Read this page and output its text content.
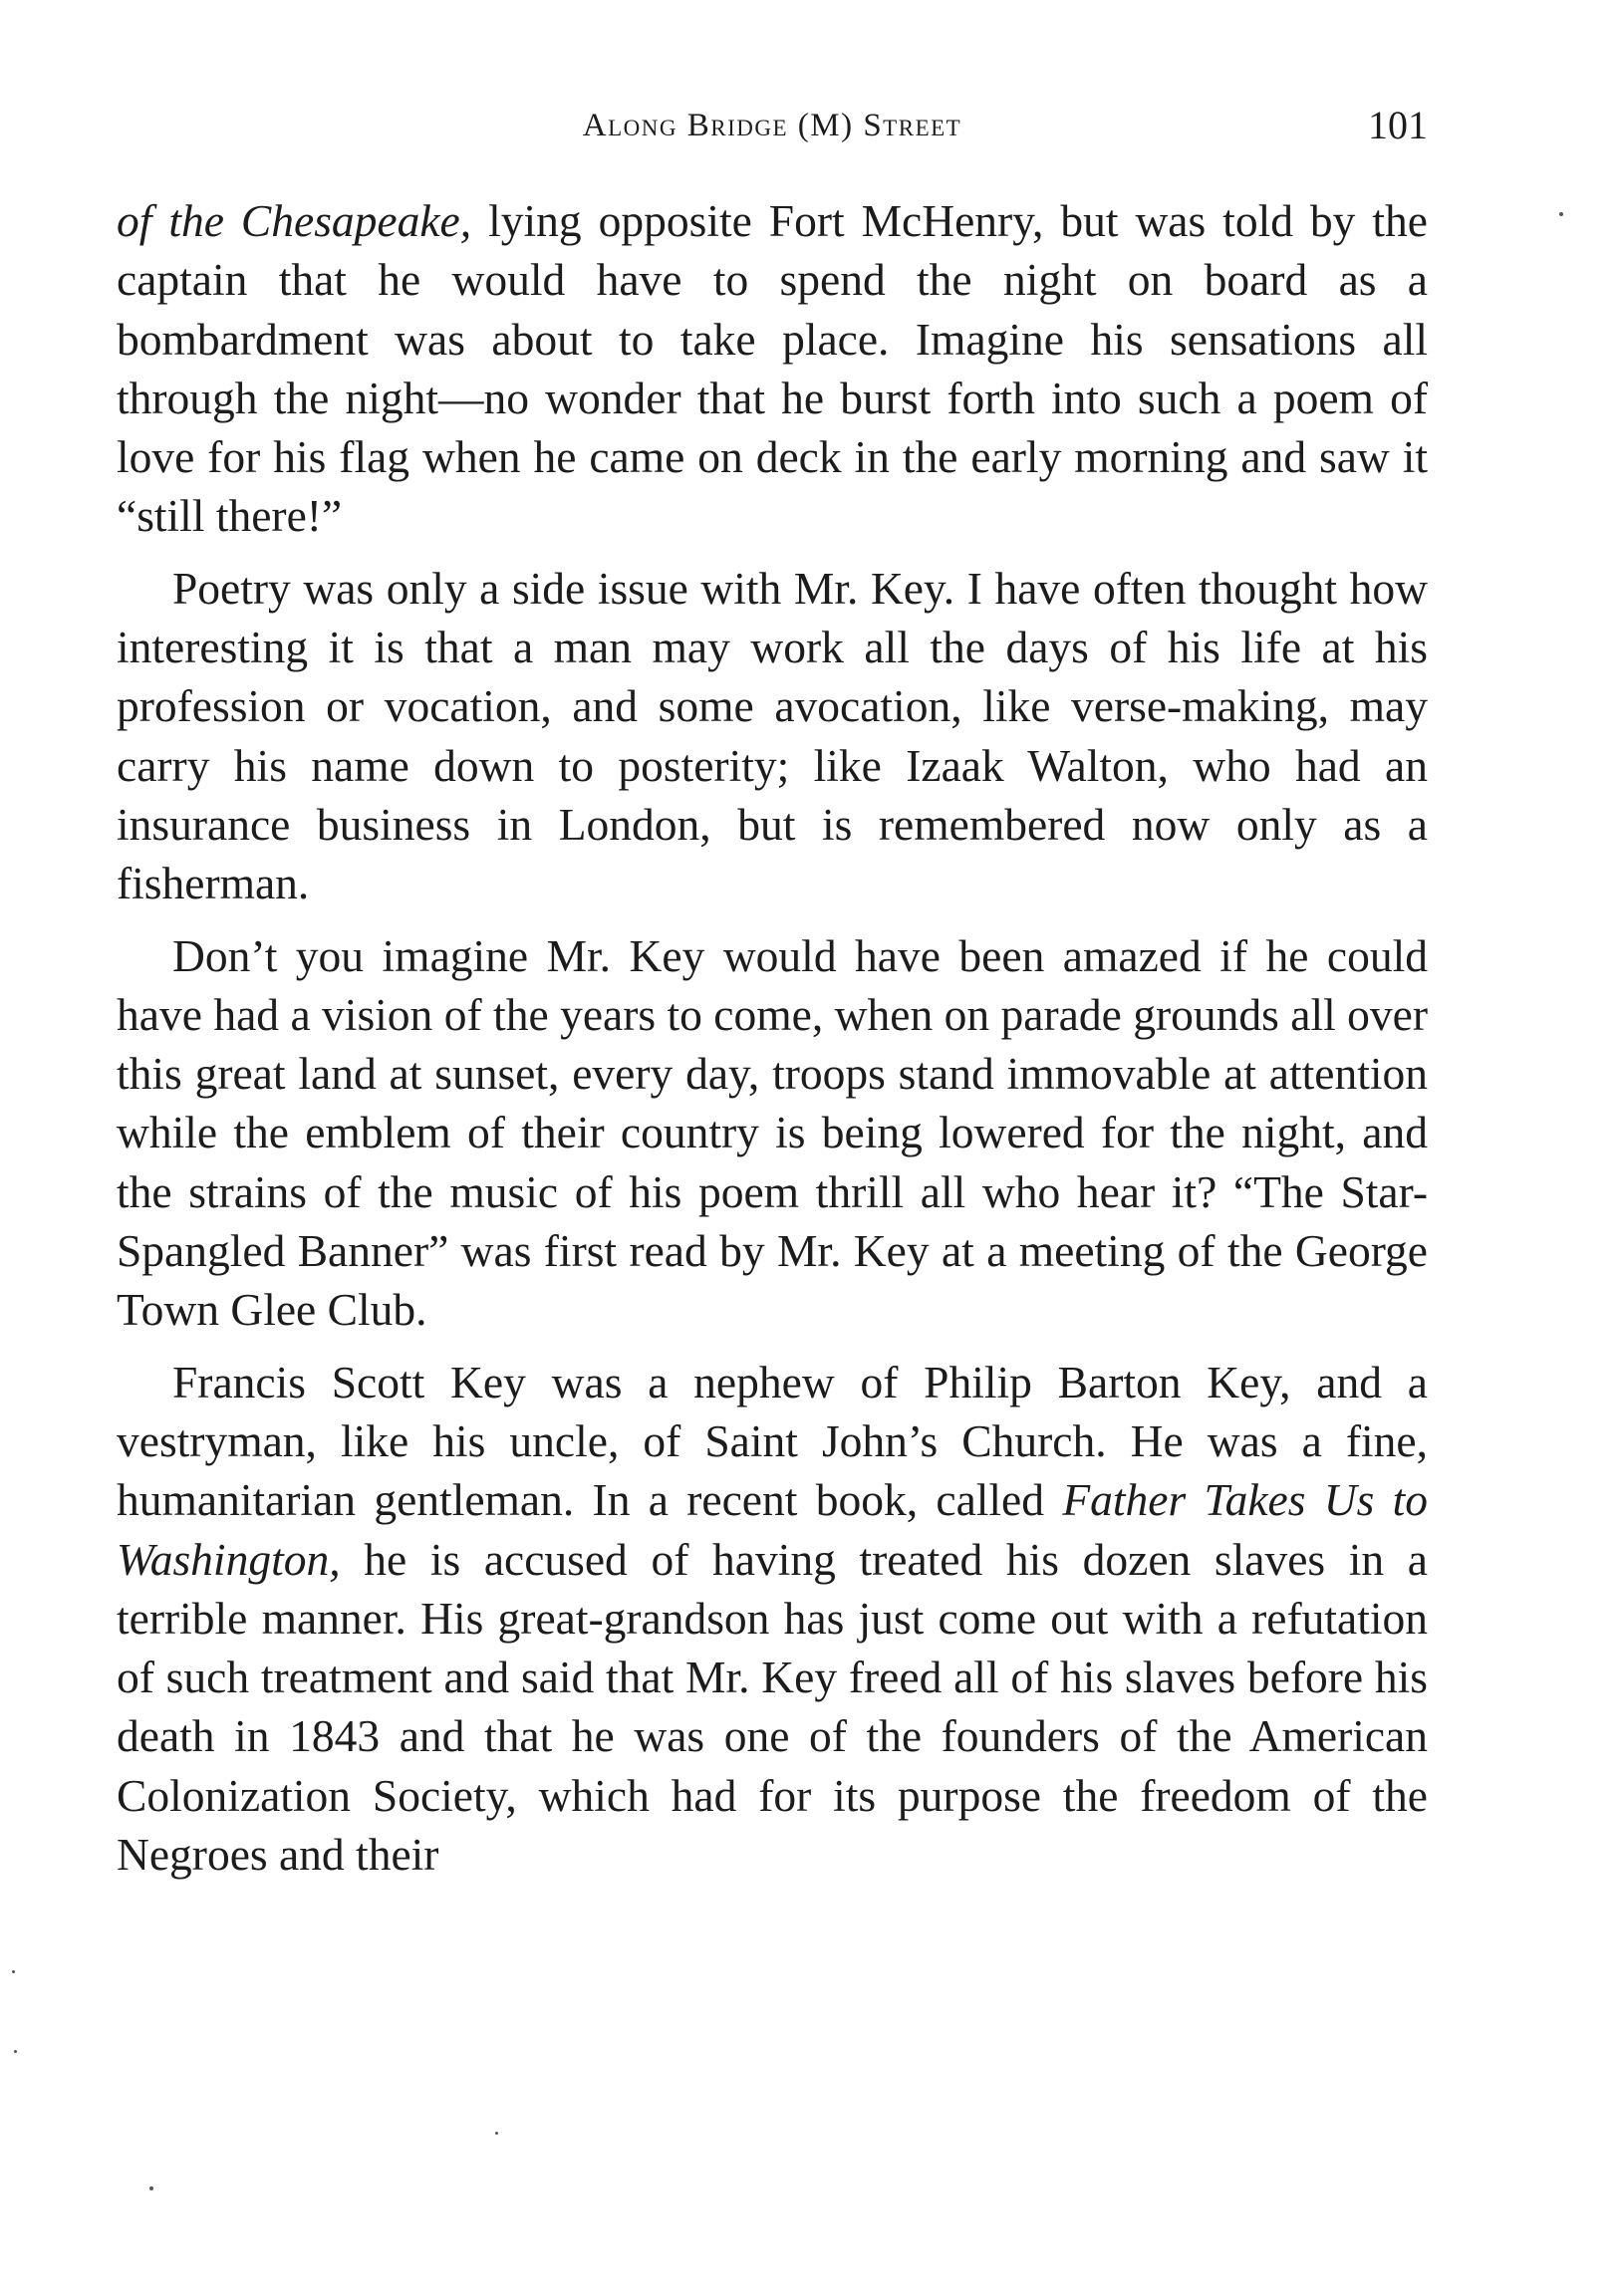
Along Bridge (M) Street	101

of the Chesapeake, lying opposite Fort McHenry, but was told by the captain that he would have to spend the night on board as a bombardment was about to take place. Imagine his sensations all through the night—no wonder that he burst forth into such a poem of love for his flag when he came on deck in the early morning and saw it “still there!”

Poetry was only a side issue with Mr. Key. I have often thought how interesting it is that a man may work all the days of his life at his profession or vocation, and some avocation, like verse-making, may carry his name down to posterity; like Izaak Walton, who had an insurance business in London, but is remembered now only as a fisherman.

Don’t you imagine Mr. Key would have been amazed if he could have had a vision of the years to come, when on parade grounds all over this great land at sunset, every day, troops stand immovable at attention while the emblem of their country is being lowered for the night, and the strains of the music of his poem thrill all who hear it? “The Star-Spangled Banner” was first read by Mr. Key at a meeting of the George Town Glee Club.

Francis Scott Key was a nephew of Philip Barton Key, and a vestryman, like his uncle, of Saint John’s Church. He was a fine, humanitarian gentleman. In a recent book, called Father Takes Us to Washington, he is accused of having treated his dozen slaves in a terrible manner. His great-grandson has just come out with a refutation of such treatment and said that Mr. Key freed all of his slaves before his death in 1843 and that he was one of the founders of the American Colonization Society, which had for its purpose the freedom of the Negroes and their
